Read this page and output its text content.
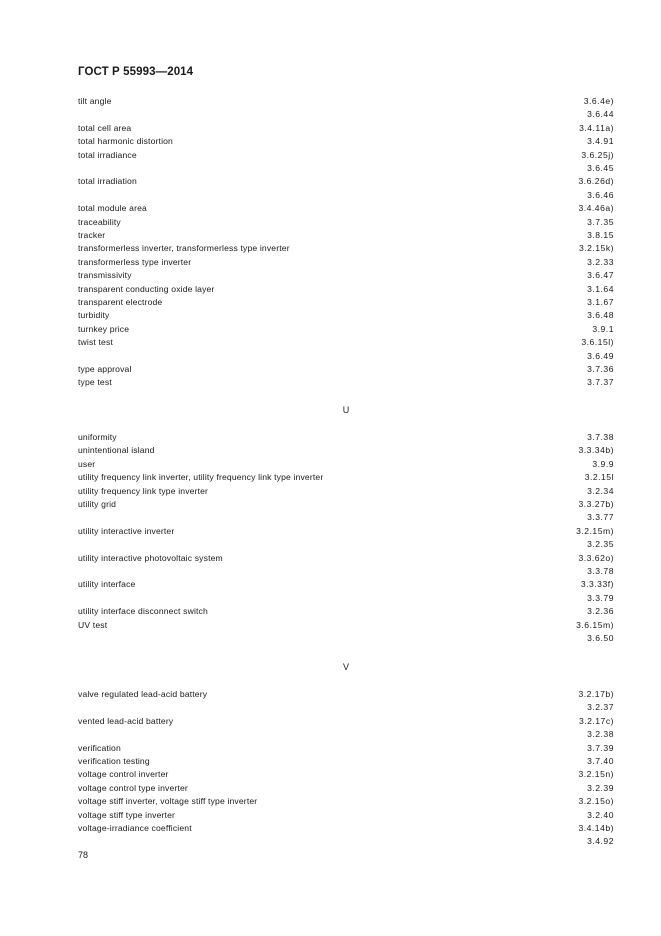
ГОСТ Р 55993—2014
tilt angle	3.6.4e)
3.6.44
total cell area	3.4.11a)
total harmonic distortion	3.4.91
total irradiance	3.6.25j)
3.6.45
total irradiation	3.6.26d)
3.6.46
total module area	3.4.46a)
traceability	3.7.35
tracker	3.8.15
transformerless inverter, transformerless type inverter	3.2.15k)
transformerless type inverter	3.2.33
transmissivity	3.6.47
transparent conducting oxide layer	3.1.64
transparent electrode	3.1.67
turbidity	3.6.48
turnkey price	3.9.1
twist test	3.6.15l)
3.6.49
type approval	3.7.36
type test	3.7.37
U
uniformity	3.7.38
unintentional island	3.3.34b)
user	3.9.9
utility frequency link inverter, utility frequency link type inverter	3.2.15l
utility frequency link type inverter	3.2.34
utility grid	3.3.27b)
3.3.77
utility interactive inverter	3.2.15m)
3.2.35
utility interactive photovoltaic system	3.3.62o)
3.3.78
utility interface	3.3.33f)
3.3.79
utility interface disconnect switch	3.2.36
UV test	3.6.15m)
3.6.50
V
valve regulated lead-acid battery	3.2.17b)
3.2.37
vented lead-acid battery	3.2.17c)
3.2.38
verification	3.7.39
verification testing	3.7.40
voltage control inverter	3.2.15n)
voltage control type inverter	3.2.39
voltage stiff inverter, voltage stiff type inverter	3.2.15o)
voltage stiff type inverter	3.2.40
voltage-irradiance coefficient	3.4.14b)
3.4.92
78
